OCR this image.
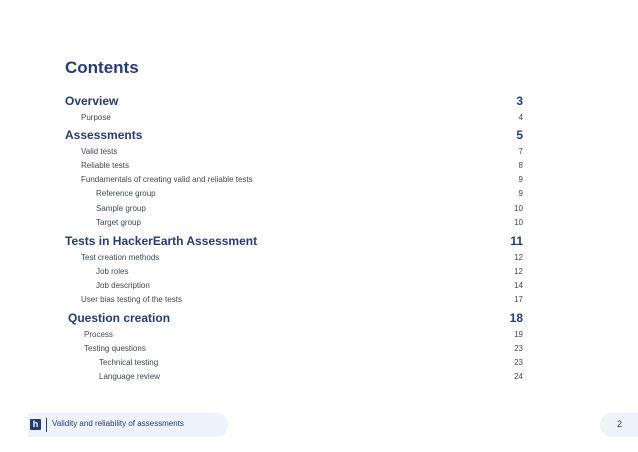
Contents
Overview	3
Purpose	4
Assessments	5
Valid tests	7
Reliable tests	8
Fundamentals of creating valid and reliable tests	9
Reference group	9
Sample group	10
Target group	10
Tests in HackerEarth Assessment	11
Test creation methods	12
Job roles	12
Job description	14
User bias testing of the tests	17
Question creation	18
Process	19
Testing questions	23
Technical testing	23
Language review	24
h	Validity and reliability of assessments	2
